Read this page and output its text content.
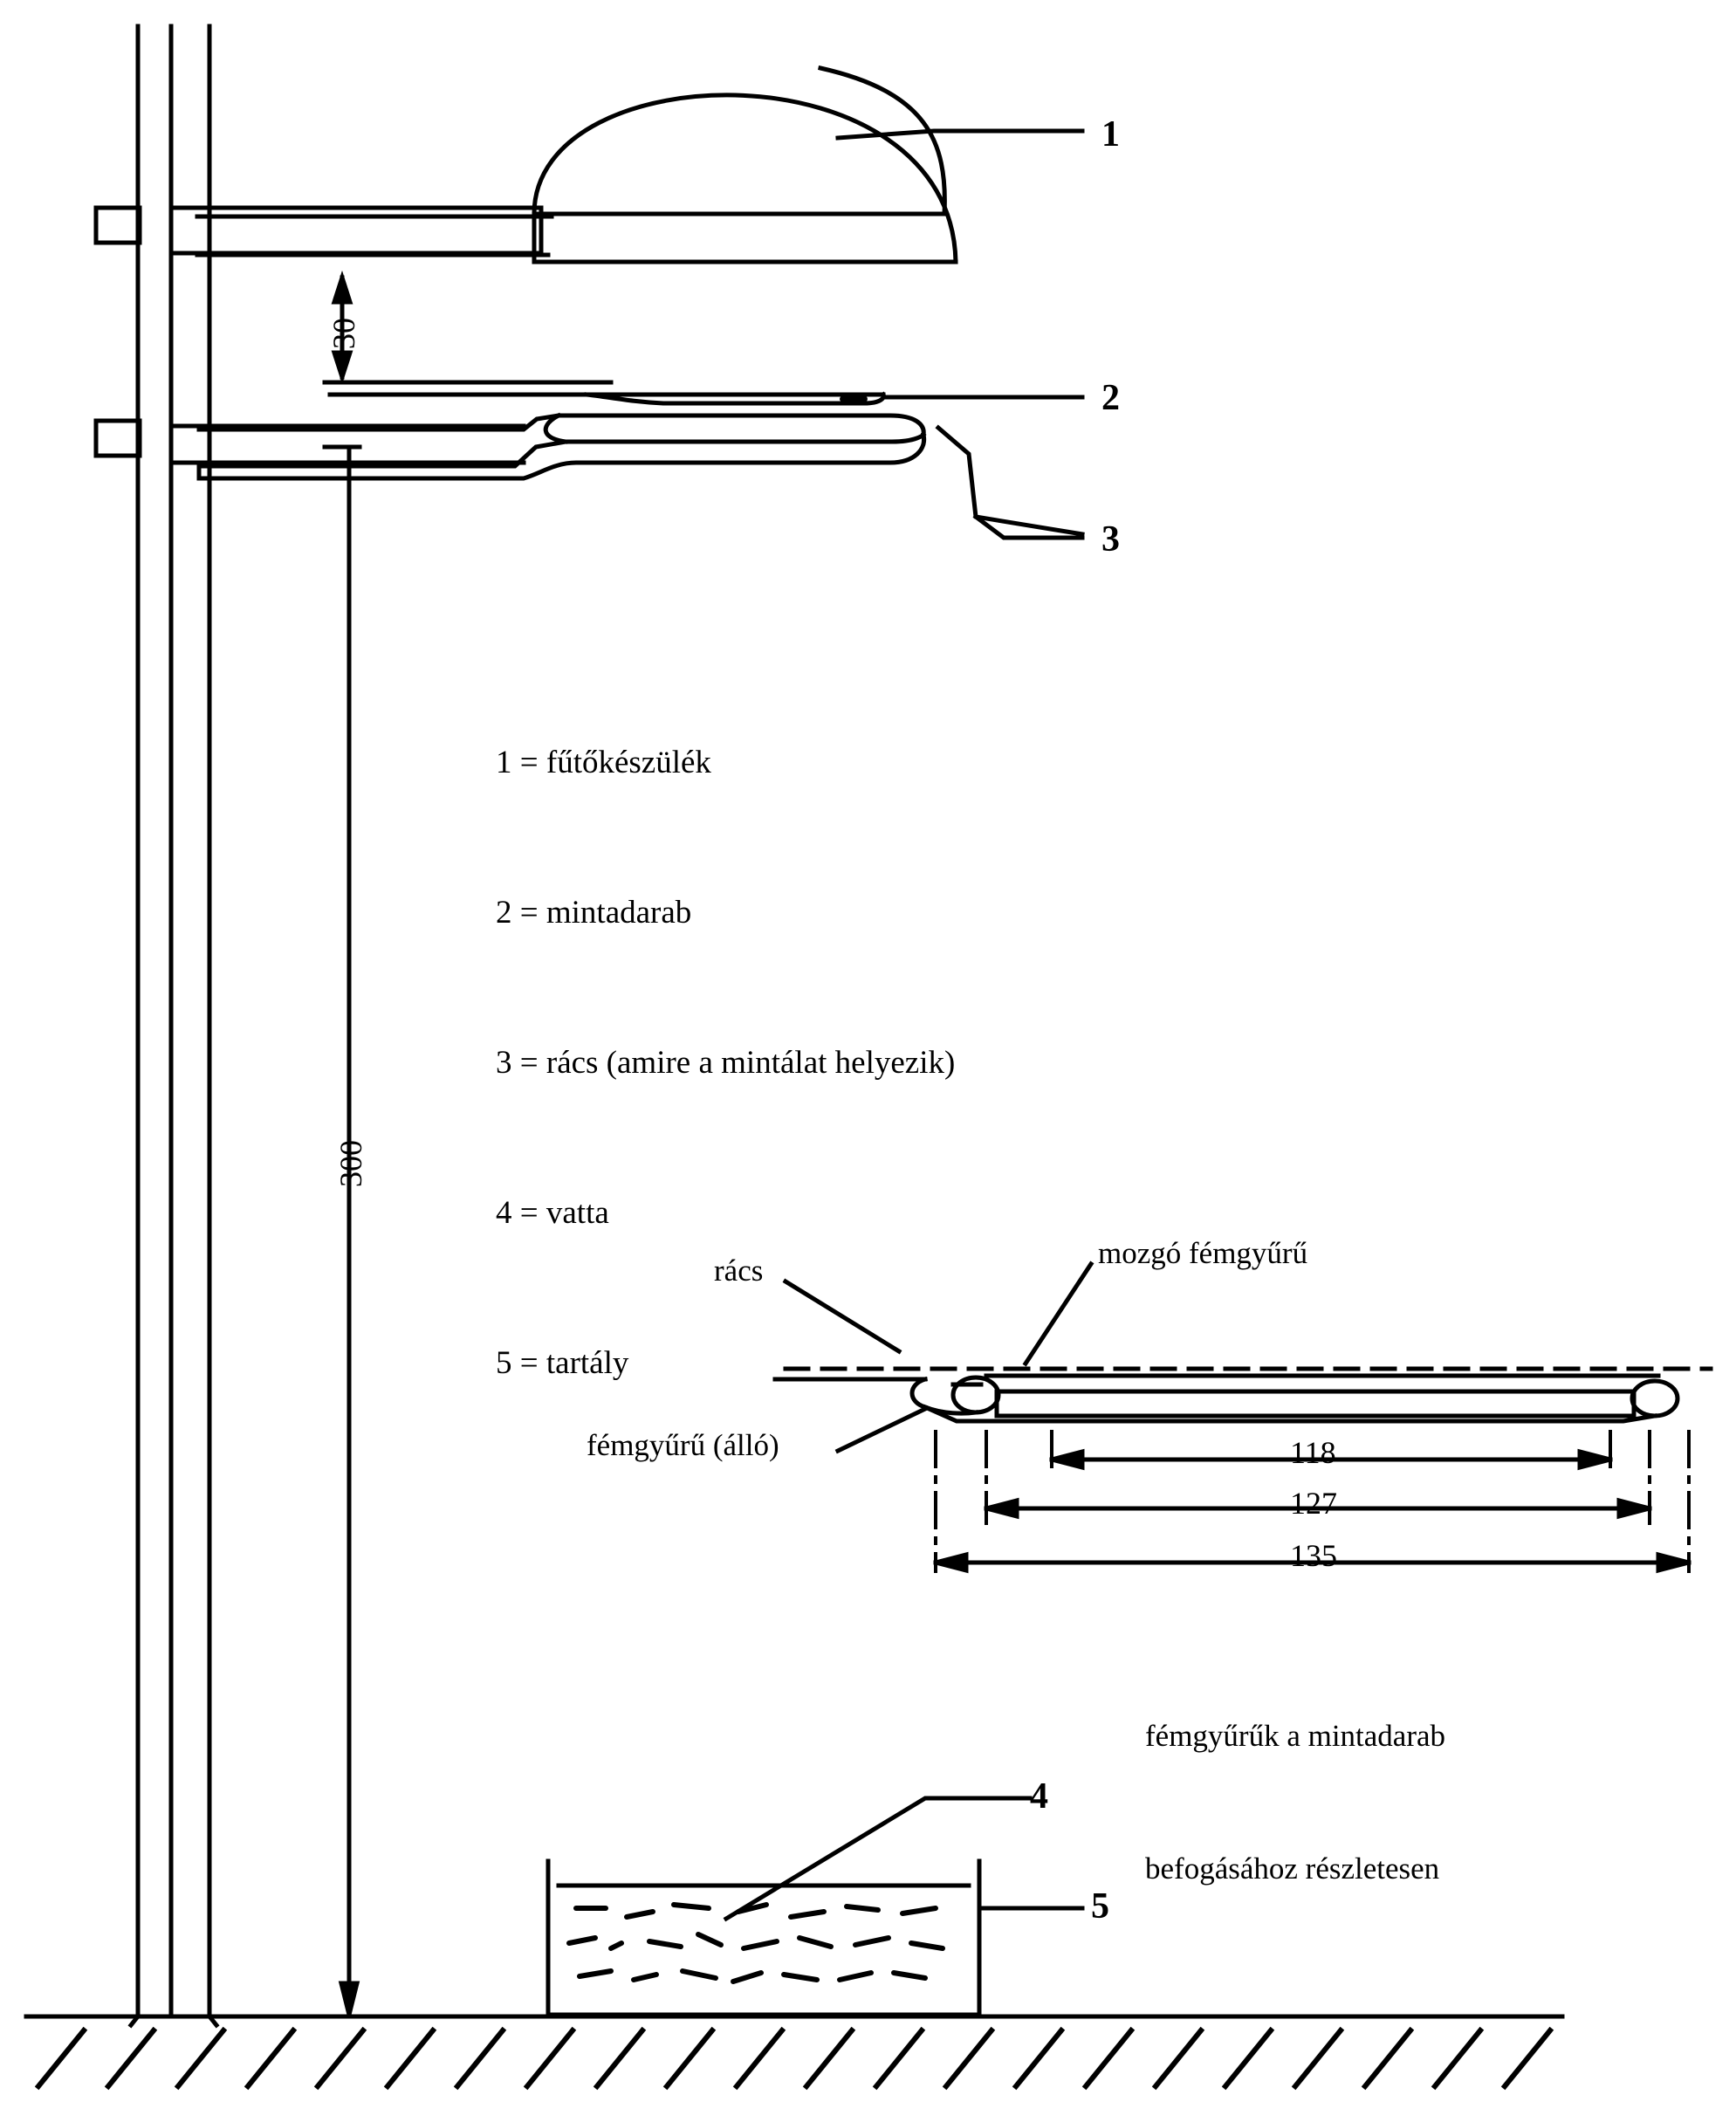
1
2
3
4
5
30
300

1 = fűtőkészülék

2 = mintadarab

3 = rács (amire a mintálat helyezik)

4 = vatta

5 = tartály

rács
mozgó fémgyűrű
fémgyűrű (álló)	118
127
135

fémgyűrűk a mintadarab

befogásához részletesen
